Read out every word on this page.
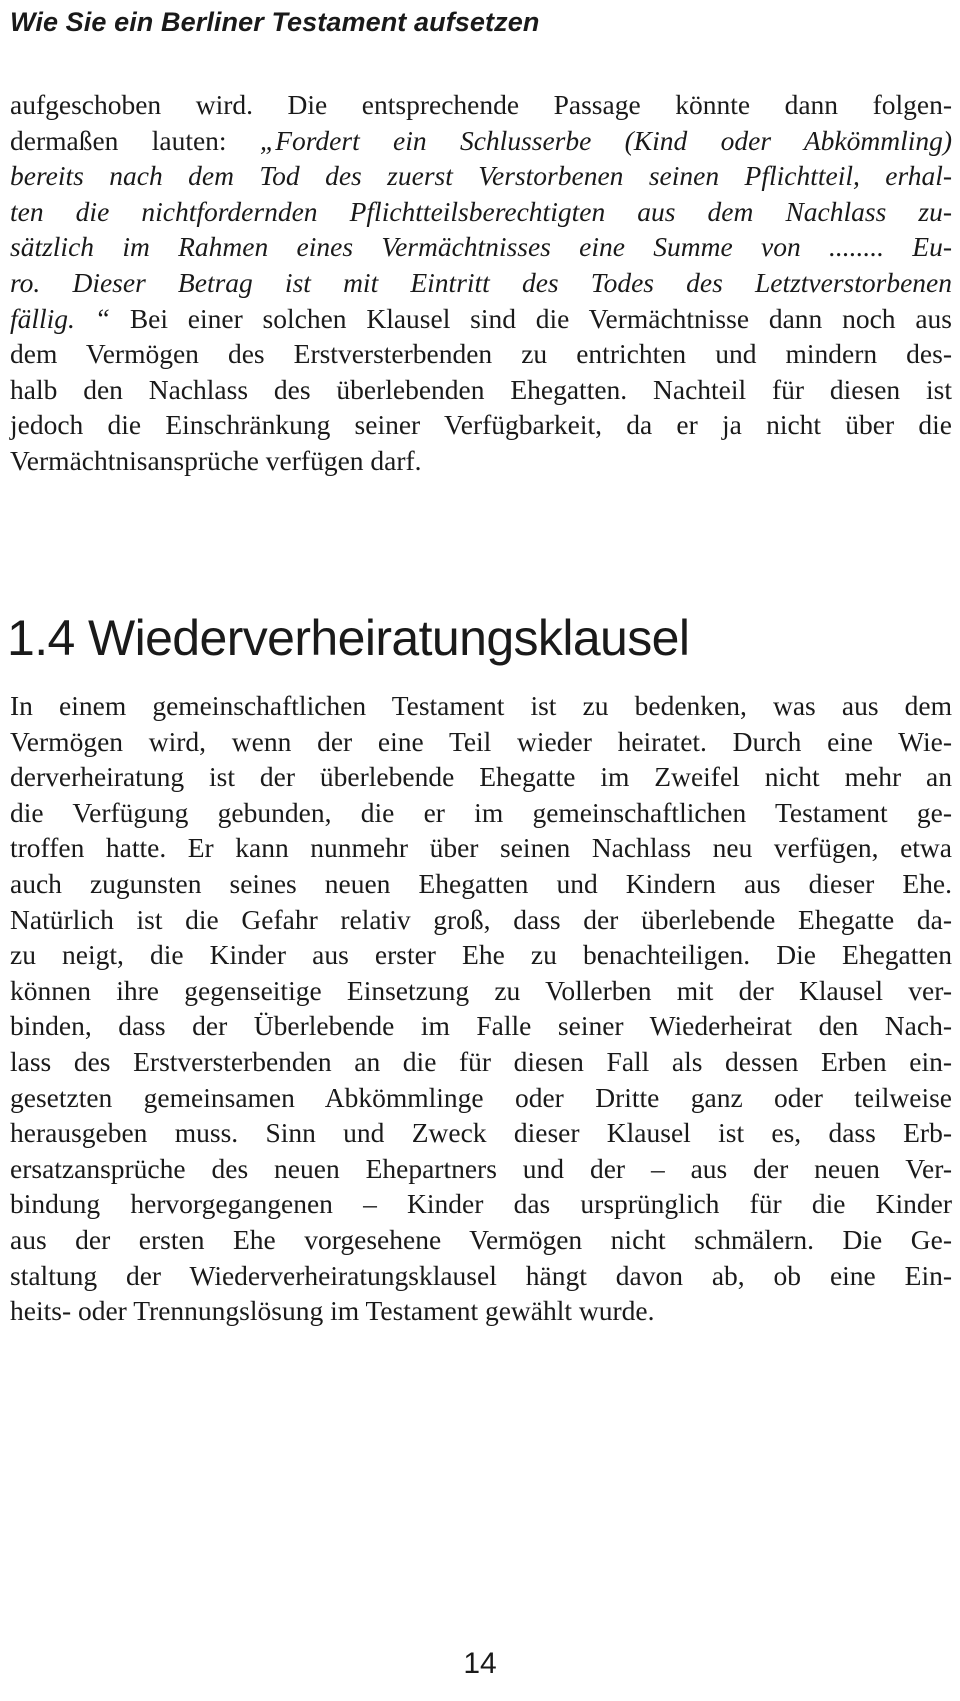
Wie Sie ein Berliner Testament aufsetzen
aufgeschoben wird. Die entsprechende Passage könnte dann folgen-
dermaßen lauten: „Fordert ein Schlusserbe (Kind oder Abkömmling)
bereits nach dem Tod des zuerst Verstorbenen seinen Pflichtteil, erhal-
ten die nichtfordernden Pflichtteilsberechtigten aus dem Nachlass zu-
sätzlich im Rahmen eines Vermächtnisses eine Summe von ........ Eu-
ro. Dieser Betrag ist mit Eintritt des Todes des Letztverstorbenen
fällig. “ Bei einer solchen Klausel sind die Vermächtnisse dann noch aus
dem Vermögen des Erstversterbenden zu entrichten und mindern des-
halb den Nachlass des überlebenden Ehegatten. Nachteil für diesen ist
jedoch die Einschränkung seiner Verfügbarkeit, da er ja nicht über die
Vermächtnisansprüche verfügen darf.
1.4 Wiederverheiratungsklausel
In einem gemeinschaftlichen Testament ist zu bedenken, was aus dem
Vermögen wird, wenn der eine Teil wieder heiratet. Durch eine Wie-
derverheiratung ist der überlebende Ehegatte im Zweifel nicht mehr an
die Verfügung gebunden, die er im gemeinschaftlichen Testament ge-
troffen hatte. Er kann nunmehr über seinen Nachlass neu verfügen, etwa
auch zugunsten seines neuen Ehegatten und Kindern aus dieser Ehe.
Natürlich ist die Gefahr relativ groß, dass der überlebende Ehegatte da-
zu neigt, die Kinder aus erster Ehe zu benachteiligen. Die Ehegatten
können ihre gegenseitige Einsetzung zu Vollerben mit der Klausel ver-
binden, dass der Überlebende im Falle seiner Wiederheirat den Nach-
lass des Erstversterbenden an die für diesen Fall als dessen Erben ein-
gesetzten gemeinsamen Abkömmlinge oder Dritte ganz oder teilweise
herausgeben muss. Sinn und Zweck dieser Klausel ist es, dass Erb-
ersatzansprüche des neuen Ehepartners und der – aus der neuen Ver-
bindung hervorgegangenen – Kinder das ursprünglich für die Kinder
aus der ersten Ehe vorgesehene Vermögen nicht schmälern. Die Ge-
staltung der Wiederverheiratungsklausel hängt davon ab, ob eine Ein-
heits- oder Trennungslösung im Testament gewählt wurde.
14
